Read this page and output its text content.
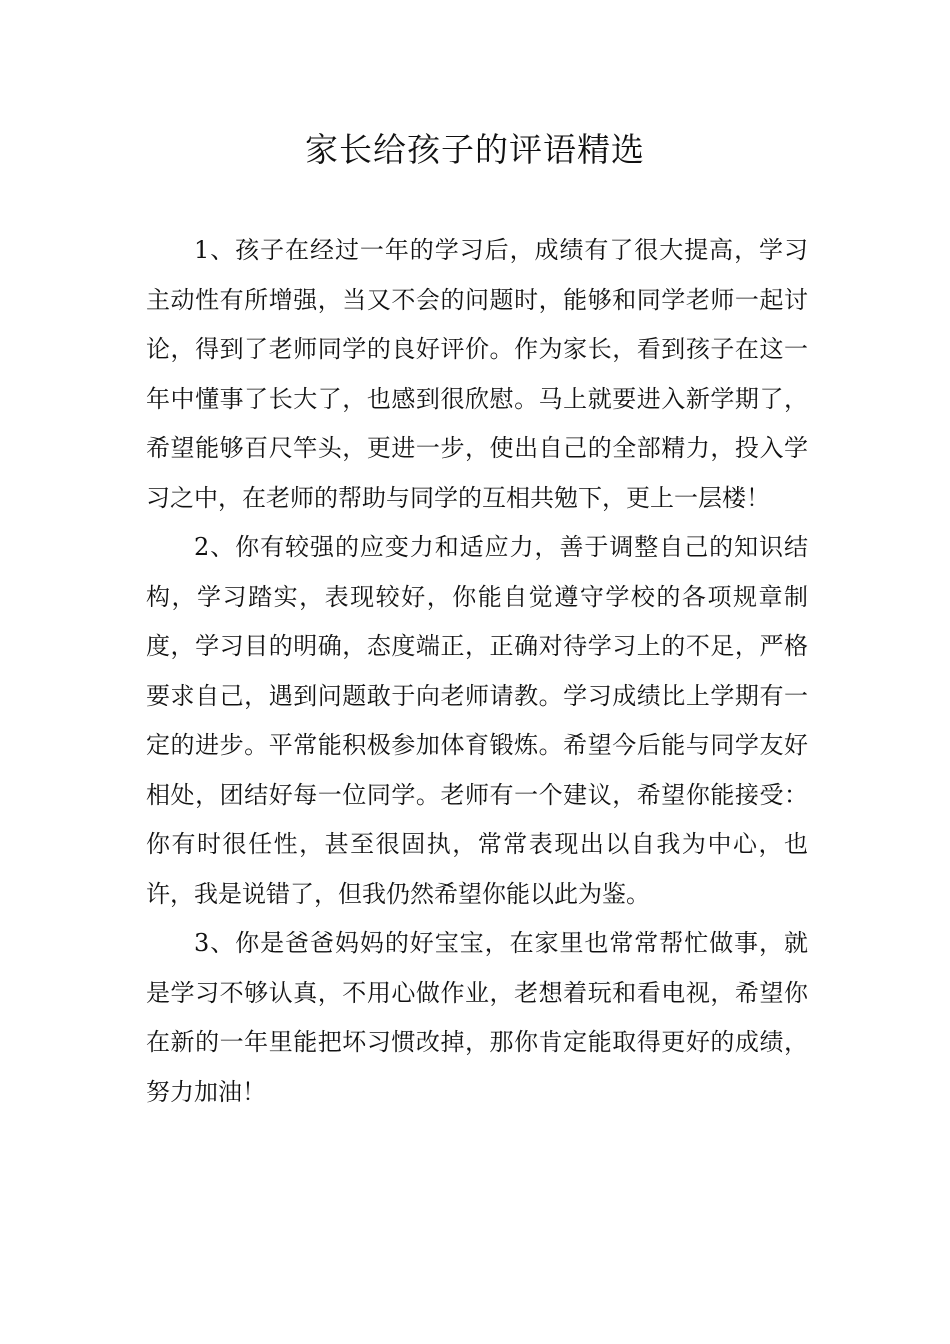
家长给孩子的评语精选

1、孩子在经过一年的学习后，成绩有了很大提高，学习主动性有所增强，当又不会的问题时，能够和同学老师一起讨论，得到了老师同学的良好评价。作为家长，看到孩子在这一年中懂事了长大了，也感到很欣慰。马上就要进入新学期了，希望能够百尺竿头，更进一步，使出自己的全部精力，投入学习之中，在老师的帮助与同学的互相共勉下，更上一层楼！

2、你有较强的应变力和适应力，善于调整自己的知识结构，学习踏实，表现较好，你能自觉遵守学校的各项规章制度，学习目的明确，态度端正，正确对待学习上的不足，严格要求自己，遇到问题敢于向老师请教。学习成绩比上学期有一定的进步。平常能积极参加体育锻炼。希望今后能与同学友好相处，团结好每一位同学。老师有一个建议，希望你能接受：你有时很任性，甚至很固执，常常表现出以自我为中心，也许，我是说错了，但我仍然希望你能以此为鉴。

3、你是爸爸妈妈的好宝宝，在家里也常常帮忙做事，就是学习不够认真，不用心做作业，老想着玩和看电视，希望你在新的一年里能把坏习惯改掉，那你肯定能取得更好的成绩，努力加油！
